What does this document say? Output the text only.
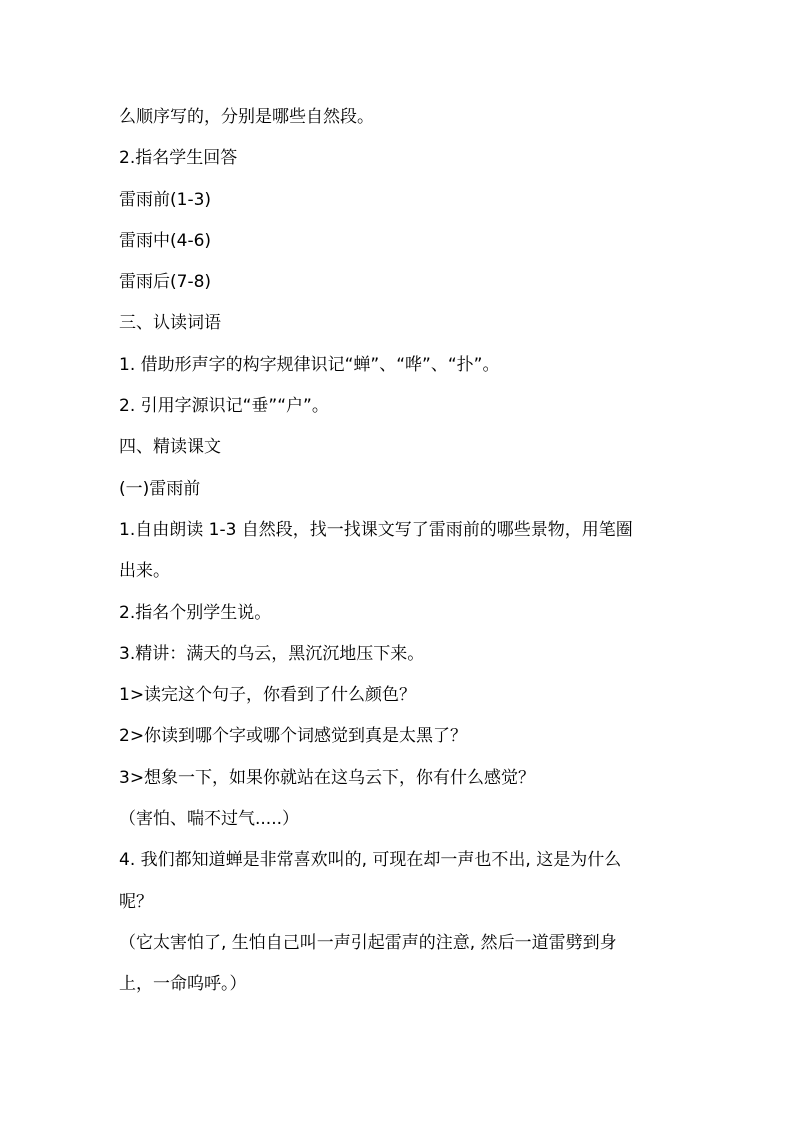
么顺序写的，分别是哪些自然段。
2.指名学生回答
雷雨前(1-3)
雷雨中(4-6)
雷雨后(7-8)
三、认读词语
1. 借助形声字的构字规律识记“蝉”、“哗”、“扑”。
2. 引用字源识记“垂”“户”。
四、精读课文
(一)雷雨前
1.自由朗读 1-3 自然段，找一找课文写了雷雨前的哪些景物，用笔圈
出来。
2.指名个别学生说。
3.精讲：满天的乌云，黑沉沉地压下来。
1>读完这个句子，你看到了什么颜色？
2>你读到哪个字或哪个词感觉到真是太黑了？
3>想象一下，如果你就站在这乌云下，你有什么感觉？
（害怕、喘不过气.....）
4. 我们都知道蝉是非常喜欢叫的, 可现在却一声也不出, 这是为什么
呢？
（它太害怕了, 生怕自己叫一声引起雷声的注意, 然后一道雷劈到身
上，一命呜呼。）
